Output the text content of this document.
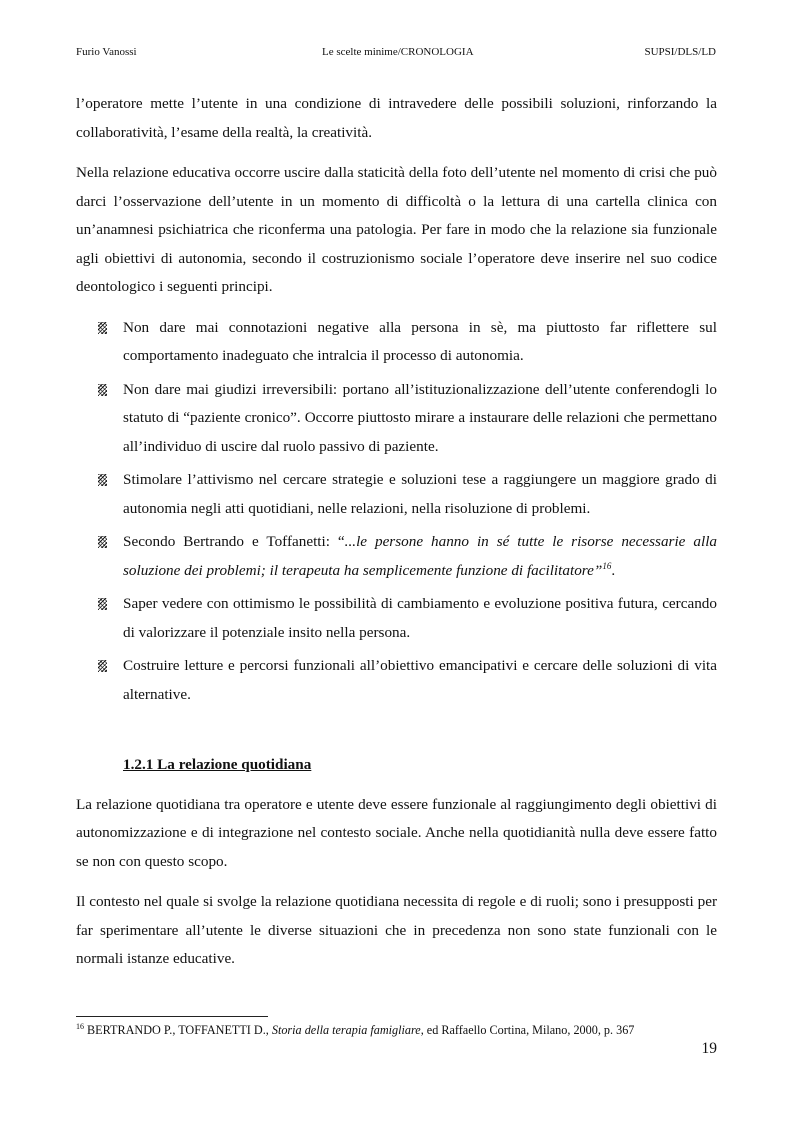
Furio Vanossi	Le scelte minime/CRONOLOGIA	SUPSI/DLS/LD

l’operatore mette l’utente in una condizione di intravedere delle possibili soluzioni, rinforzando la collaboratività, l’esame della realtà, la creatività.

Nella relazione educativa occorre uscire dalla staticità della foto dell’utente nel momento di crisi che può darci l’osservazione dell’utente in un momento di difficoltà o la lettura di una cartella clinica con un’anamnesi psichiatrica che riconferma una patologia. Per fare in modo che la relazione sia funzionale agli obiettivi di autonomia, secondo il costruzionismo sociale l’operatore deve inserire nel suo codice deontologico i seguenti principi.

Non dare mai connotazioni negative alla persona in sè, ma piuttosto far riflettere sul comportamento inadeguato che intralcia il processo di autonomia.
Non dare mai giudizi irreversibili: portano all’istituzionalizzazione dell’utente conferendogli lo statuto di “paziente cronico”. Occorre piuttosto mirare a instaurare delle relazioni che permettano all’individuo di uscire dal ruolo passivo di paziente.
Stimolare l’attivismo nel cercare strategie e soluzioni tese a raggiungere un maggiore grado di autonomia negli atti quotidiani, nelle relazioni, nella risoluzione di problemi.
Secondo Bertrando e Toffanetti: “...le persone hanno in sé tutte le risorse necessarie alla soluzione dei problemi; il terapeuta ha semplicemente funzione di facilitatore”$^{16}$.
Saper vedere con ottimismo le possibilità di cambiamento e evoluzione positiva futura, cercando di valorizzare il potenziale insito nella persona.
Costruire letture e percorsi funzionali all’obiettivo emancipativi e cercare delle soluzioni di vita alternative.
1.2.1 La relazione quotidiana

La relazione quotidiana tra operatore e utente deve essere funzionale al raggiungimento degli obiettivi di autonomizzazione e di integrazione nel contesto sociale. Anche nella quotidianità nulla deve essere fatto se non con questo scopo.

Il contesto nel quale si svolge la relazione quotidiana necessita di regole e di ruoli; sono i presupposti per far sperimentare all’utente le diverse situazioni che in precedenza non sono state funzionali con le normali istanze educative.

$^{16}$ BERTRANDO P., TOFFANETTI D., Storia della terapia famigliare, ed Raffaello Cortina, Milano, 2000, p. 367
19
